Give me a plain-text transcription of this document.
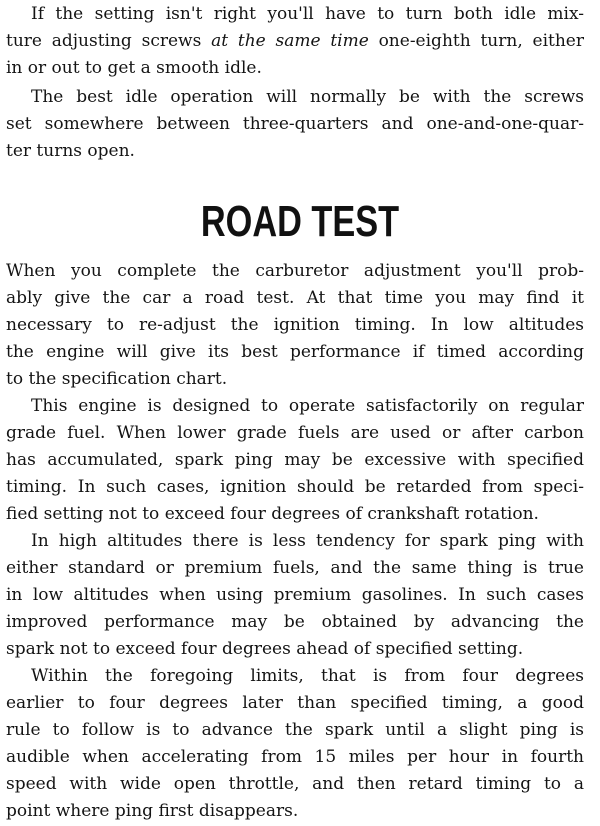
If the setting isn't right you'll have to turn both idle mix-
ture adjusting screws at the same time one-eighth turn, either
in or out to get a smooth idle.
The best idle operation will normally be with the screws
set somewhere between three-quarters and one-and-one-quar-
ter turns open.
ROAD TEST
When you complete the carburetor adjustment you'll prob-
ably give the car a road test. At that time you may find it
necessary to re-adjust the ignition timing. In low altitudes
the engine will give its best performance if timed according
to the specification chart.
This engine is designed to operate satisfactorily on regular
grade fuel. When lower grade fuels are used or after carbon
has accumulated, spark ping may be excessive with specified
timing. In such cases, ignition should be retarded from speci-
fied setting not to exceed four degrees of crankshaft rotation.
In high altitudes there is less tendency for spark ping with
either standard or premium fuels, and the same thing is true
in low altitudes when using premium gasolines. In such cases
improved performance may be obtained by advancing the
spark not to exceed four degrees ahead of specified setting.
Within the foregoing limits, that is from four degrees
earlier to four degrees later than specified timing, a good
rule to follow is to advance the spark until a slight ping is
audible when accelerating from 15 miles per hour in fourth
speed with wide open throttle, and then retard timing to a
point where ping first disappears.
